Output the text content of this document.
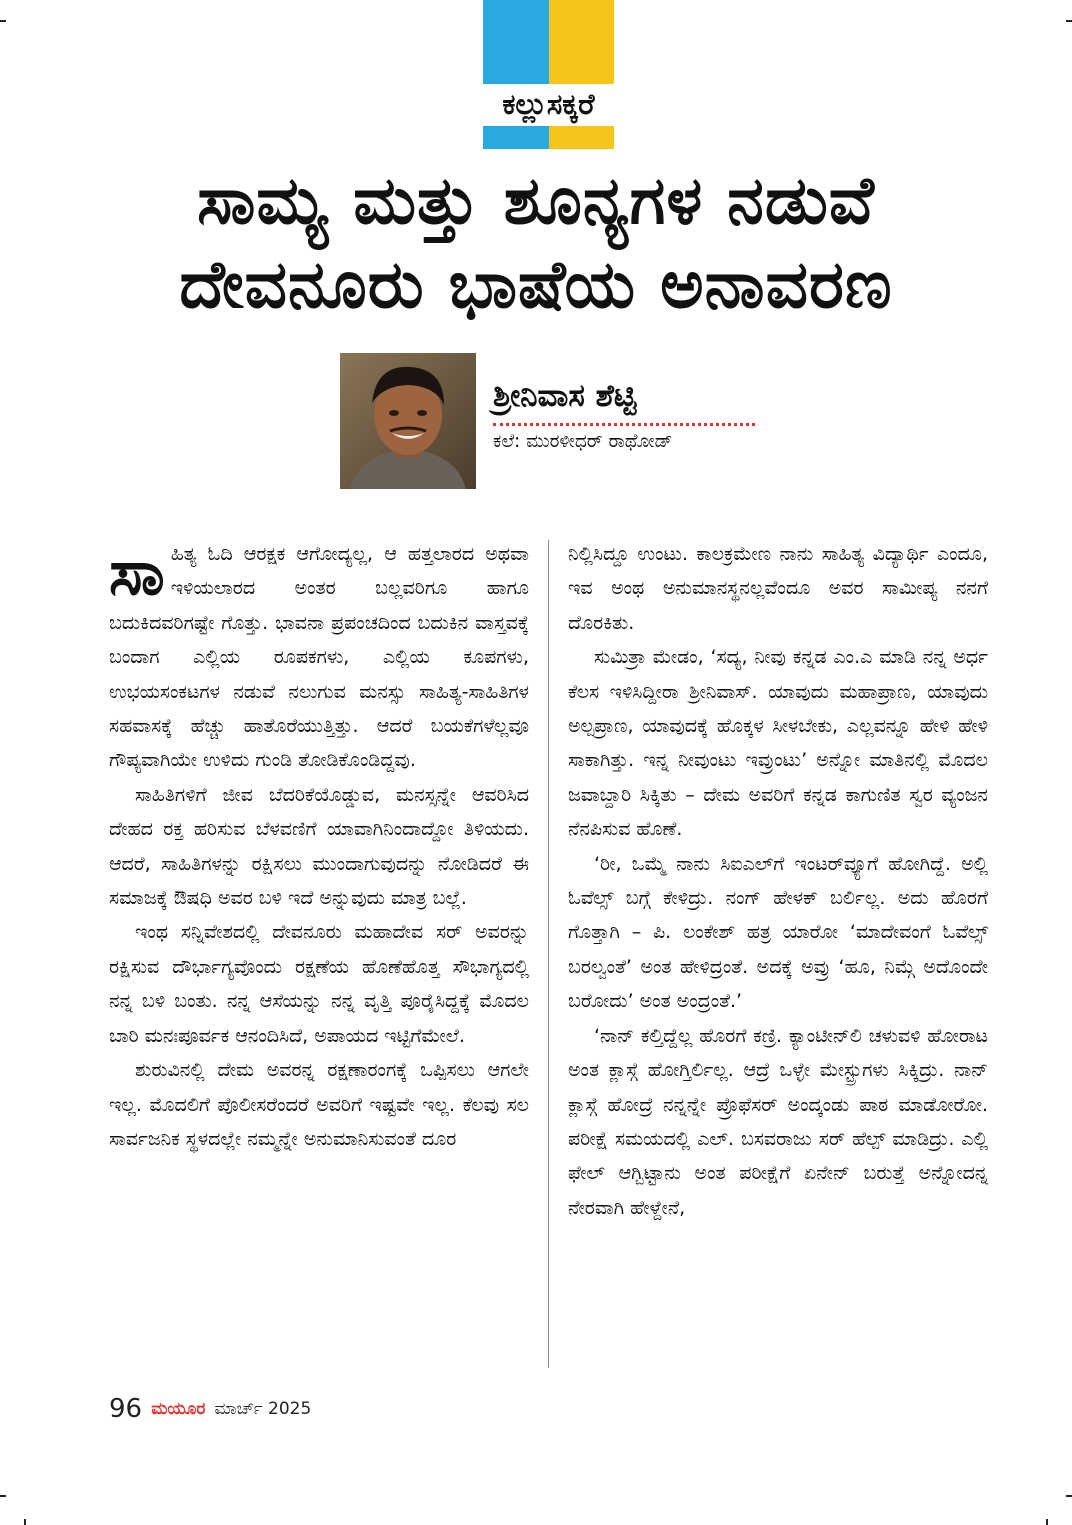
ಕಲ್ಲುಸಕ್ಕರೆ
ಸಾಮ್ಯ ಮತ್ತು ಶೂನ್ಯಗಳ ನಡುವೆ
ದೇವನೂರು ಭಾಷೆಯ ಅನಾವರಣ
ಶ್ರೀನಿವಾಸ ಶೆಟ್ಟಿ
ಕಲೆ: ಮುರಳೀಧರ್ ರಾಥೋಡ್

ಸಾಹಿತ್ಯ ಓದಿ ಆರಕ್ಷಕ ಆಗೋದ್ಯಲ್ಲ, ಆ ಹತ್ತಲಾರದ ಅಥವಾ ಇಳಿಯಲಾರದ ಅಂತರ ಬಲ್ಲವರಿಗೂ ಹಾಗೂ ಬದುಕಿದವರಿಗಷ್ಟೇ ಗೊತ್ತು. ಭಾವನಾ ಪ್ರಪಂಚದಿಂದ ಬದುಕಿನ ವಾಸ್ತವಕ್ಕೆ ಬಂದಾಗ ಎಲ್ಲಿಯ ರೂಪಕಗಳು, ಎಲ್ಲಿಯ ಕೂಪಗಳು, ಉಭಯಸಂಕಟಗಳ ನಡುವೆ ನಲುಗುವ ಮನಸ್ಸು ಸಾಹಿತ್ಯ-ಸಾಹಿತಿಗಳ ಸಹವಾಸಕ್ಕೆ ಹೆಚ್ಚು ಹಾತೊರೆಯುತ್ತಿತ್ತು. ಆದರೆ ಬಯಕೆಗಳೆಲ್ಲವೂ ಗೌಪ್ಯವಾಗಿಯೇ ಉಳಿದು ಗುಂಡಿ ತೋಡಿಕೊಂಡಿದ್ದವು.

ಸಾಹಿತಿಗಳಿಗೆ ಜೀವ ಬೆದರಿಕೆಯೊಡ್ಡುವ, ಮನಸ್ಸನ್ನೇ ಆವರಿಸಿದ ದೇಹದ ರಕ್ತ ಹರಿಸುವ ಬೆಳವಣಿಗೆ ಯಾವಾಗಿನಿಂದಾದ್ದೋ ತಿಳಿಯದು. ಆದರೆ, ಸಾಹಿತಿಗಳನ್ನು ರಕ್ಷಿಸಲು ಮುಂದಾಗುವುದನ್ನು ನೋಡಿದರೆ ಈ ಸಮಾಜಕ್ಕೆ ಔಷಧಿ ಅವರ ಬಳಿ ಇದೆ ಅನ್ನುವುದು ಮಾತ್ರ ಬಲ್ಲೆ.

ಇಂಥ ಸನ್ನಿವೇಶದಲ್ಲಿ ದೇವನೂರು ಮಹಾದೇವ ಸರ್ ಅವರನ್ನು ರಕ್ಷಿಸುವ ದೌರ್ಭಾಗ್ಯವೊಂದು ರಕ್ಷಣೆಯ ಹೊಣೆಹೊತ್ತ ಸೌಭಾಗ್ಯದಲ್ಲಿ ನನ್ನ ಬಳಿ ಬಂತು. ನನ್ನ ಆಸೆಯನ್ನು ನನ್ನ ವೃತ್ತಿ ಪೂರೈಸಿದ್ದಕ್ಕೆ ಮೊದಲ ಬಾರಿ ಮನಃಪೂರ್ವಕ ಆನಂದಿಸಿದೆ, ಅಪಾಯದ ಇಟ್ಟಿಗೆಮೇಲೆ.

ಶುರುವಿನಲ್ಲಿ ದೇಮ ಅವರನ್ನ ರಕ್ಷಣಾರಂಗಕ್ಕೆ ಒಪ್ಪಿಸಲು ಆಗಲೇ ಇಲ್ಲ. ಮೊದಲಿಗೆ ಪೊಲೀಸರೆಂದರೆ ಅವರಿಗೆ ಇಷ್ಟವೇ ಇಲ್ಲ. ಕೆಲವು ಸಲ ಸಾರ್ವಜನಿಕ ಸ್ಥಳದಲ್ಲೇ ನಮ್ಮನ್ನೇ ಅನುಮಾನಿಸುವಂತೆ ದೂರ

ನಿಲ್ಲಿಸಿದ್ದೂ ಉಂಟು. ಕಾಲಕ್ರಮೇಣ ನಾನು ಸಾಹಿತ್ಯ ವಿದ್ಯಾರ್ಥಿ ಎಂದೂ, ಇವ ಅಂಥ ಅನುಮಾನಸ್ಥನಲ್ಲವೆಂದೂ ಅವರ ಸಾಮೀಪ್ಯ ನನಗೆ ದೊರಕಿತು.

ಸುಮಿತ್ರಾ ಮೇಡಂ, ‘ಸದ್ಯ, ನೀವು ಕನ್ನಡ ಎಂ.ಎ ಮಾಡಿ ನನ್ನ ಅರ್ಧ ಕೆಲಸ ಇಳಿಸಿದ್ದೀರಾ ಶ್ರೀನಿವಾಸ್. ಯಾವುದು ಮಹಾಪ್ರಾಣ, ಯಾವುದು ಅಲ್ಪಪ್ರಾಣ, ಯಾವುದಕ್ಕೆ ಹೊಕ್ಕಳ ಸೀಳಬೇಕು, ಎಲ್ಲವನ್ನೂ ಹೇಳಿ ಹೇಳಿ ಸಾಕಾಗಿತ್ತು. ಇನ್ನ ನೀವುಂಟು ಇವ್ರುಂಟು’ ಅನ್ನೋ ಮಾತಿನಲ್ಲಿ ಮೊದಲ ಜವಾಬ್ದಾರಿ ಸಿಕ್ಕಿತು – ದೇಮ ಅವರಿಗೆ ಕನ್ನಡ ಕಾಗುಣಿತ ಸ್ವರ ವ್ಯಂಜನ ನೆನಪಿಸುವ ಹೊಣೆ.

‘ರೀ, ಒಮ್ಮೆ ನಾನು ಸಿಐಎಲ್‌ಗೆ ಇಂಟರ್‌ವ್ಯೂಗೆ ಹೋಗಿದ್ದೆ. ಅಲ್ಲಿ ಓವೆಲ್ಸ್ ಬಗ್ಗೆ ಕೇಳಿದ್ರು. ನಂಗ್ ಹೇಳಕ್ ಬರ್ಲಿಲ್ಲ. ಅದು ಹೊರಗೆ ಗೊತ್ತಾಗಿ – ಪಿ. ಲಂಕೇಶ್ ಹತ್ರ ಯಾರೋ ‘ಮಾದೇವಂಗೆ ಓವೆಲ್ಸ್ ಬರಲ್ವಂತೆ’ ಅಂತ ಹೇಳಿದ್ರಂತೆ. ಅದಕ್ಕೆ ಅವ್ರು ‘ಹೂ, ನಿಮ್ಗೆ ಅದೊಂದೇ ಬರೋದು’ ಅಂತ ಅಂದ್ರಂತೆ.’

‘ನಾನ್ ಕಲ್ತಿದ್ದೆಲ್ಲ ಹೊರಗೆ ಕಣ್ರಿ. ಕ್ಯಾಂಟೀನ್‌ಲಿ ಚಳುವಳಿ ಹೋರಾಟ ಅಂತ ಕ್ಲಾಸ್ಗೆ ಹೋಗ್ತಿರ್ಲಿಲ್ಲ. ಆದ್ರೆ ಒಳ್ಳೇ ಮೇಸ್ಟ್ರುಗಳು ಸಿಕ್ಕಿದ್ರು. ನಾನ್ ಕ್ಲಾಸ್ಗೆ ಹೋದ್ರೆ ನನ್ನನ್ನೇ ಪ್ರೊಫೆಸರ್ ಅಂದ್ಕಂಡು ಪಾಠ ಮಾಡೋರೋ. ಪರೀಕ್ಷೆ ಸಮಯದಲ್ಲಿ ಎಲ್. ಬಸವರಾಜು ಸರ್ ಹೆಲ್ಪ್ ಮಾಡಿದ್ರು. ಎಲ್ಲಿ ಫೇಲ್ ಆಗ್ಬಿಟ್ಟಾನು ಅಂತ ಪರೀಕ್ಷೆಗೆ ಏನೇನ್ ಬರುತ್ತೆ ಅನ್ನೋದನ್ನ ನೇರವಾಗಿ ಹೇಳ್ದೇನೆ,

96 ಮಯೂರ ಮಾರ್ಚ್ 2025
